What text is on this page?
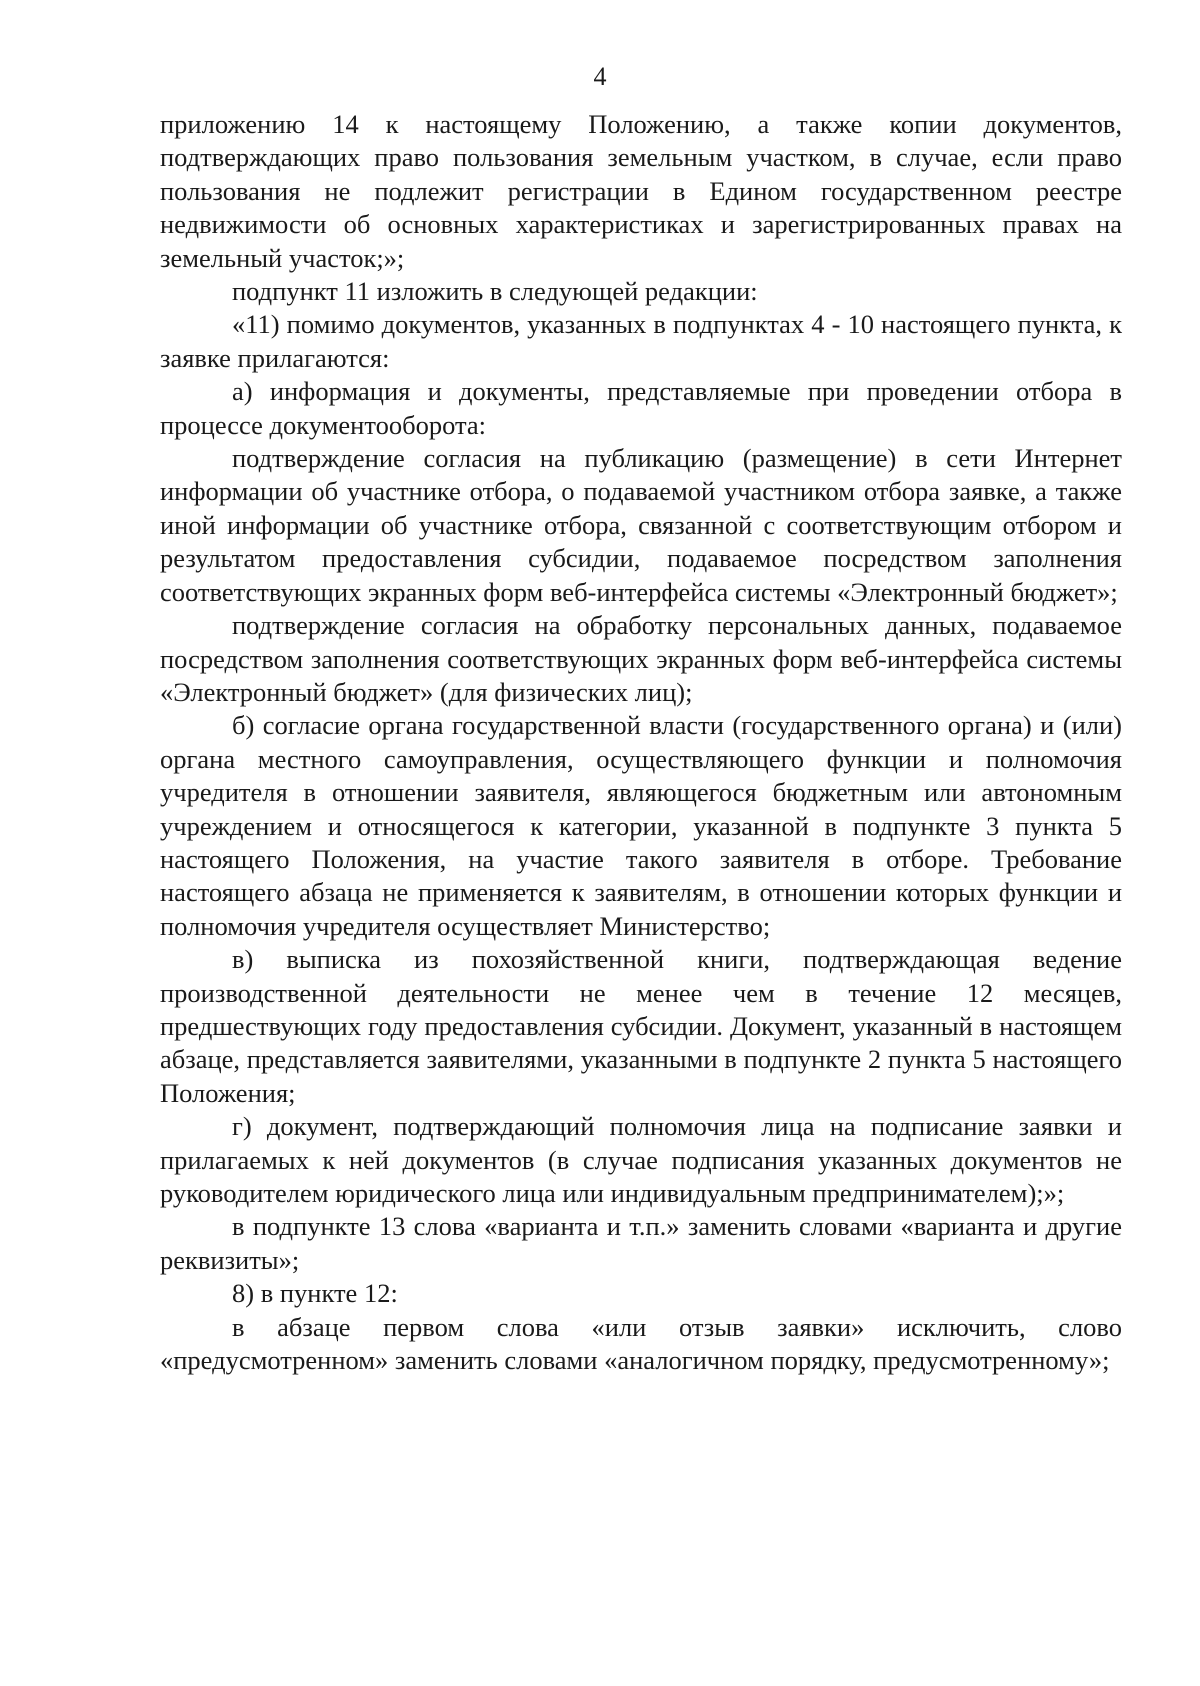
4

приложению 14 к настоящему Положению, а также копии документов, подтверждающих право пользования земельным участком, в случае, если право пользования не подлежит регистрации в Едином государственном реестре недвижимости об основных характеристиках и зарегистрированных правах на земельный участок;»;

подпункт 11 изложить в следующей редакции:

«11) помимо документов, указанных в подпунктах 4 - 10 настоящего пункта, к заявке прилагаются:

а) информация и документы, представляемые при проведении отбора в процессе документооборота:

подтверждение согласия на публикацию (размещение) в сети Интернет информации об участнике отбора, о подаваемой участником отбора заявке, а также иной информации об участнике отбора, связанной с соответствующим отбором и результатом предоставления субсидии, подаваемое посредством заполнения соответствующих экранных форм веб-интерфейса системы «Электронный бюджет»;

подтверждение согласия на обработку персональных данных, подаваемое посредством заполнения соответствующих экранных форм веб-интерфейса системы «Электронный бюджет» (для физических лиц);

б) согласие органа государственной власти (государственного органа) и (или) органа местного самоуправления, осуществляющего функции и полномочия учредителя в отношении заявителя, являющегося бюджетным или автономным учреждением и относящегося к категории, указанной в подпункте 3 пункта 5 настоящего Положения, на участие такого заявителя в отборе. Требование настоящего абзаца не применяется к заявителям, в отношении которых функции и полномочия учредителя осуществляет Министерство;

в) выписка из похозяйственной книги, подтверждающая ведение производственной деятельности не менее чем в течение 12 месяцев, предшествующих году предоставления субсидии. Документ, указанный в настоящем абзаце, представляется заявителями, указанными в подпункте 2 пункта 5 настоящего Положения;

г) документ, подтверждающий полномочия лица на подписание заявки и прилагаемых к ней документов (в случае подписания указанных документов не руководителем юридического лица или индивидуальным предпринимателем);»;

в подпункте 13 слова «варианта и т.п.» заменить словами «варианта и другие реквизиты»;

8) в пункте 12:

в абзаце первом слова «или отзыв заявки» исключить, слово «предусмотренном» заменить словами «аналогичном порядку, предусмотренному»;
